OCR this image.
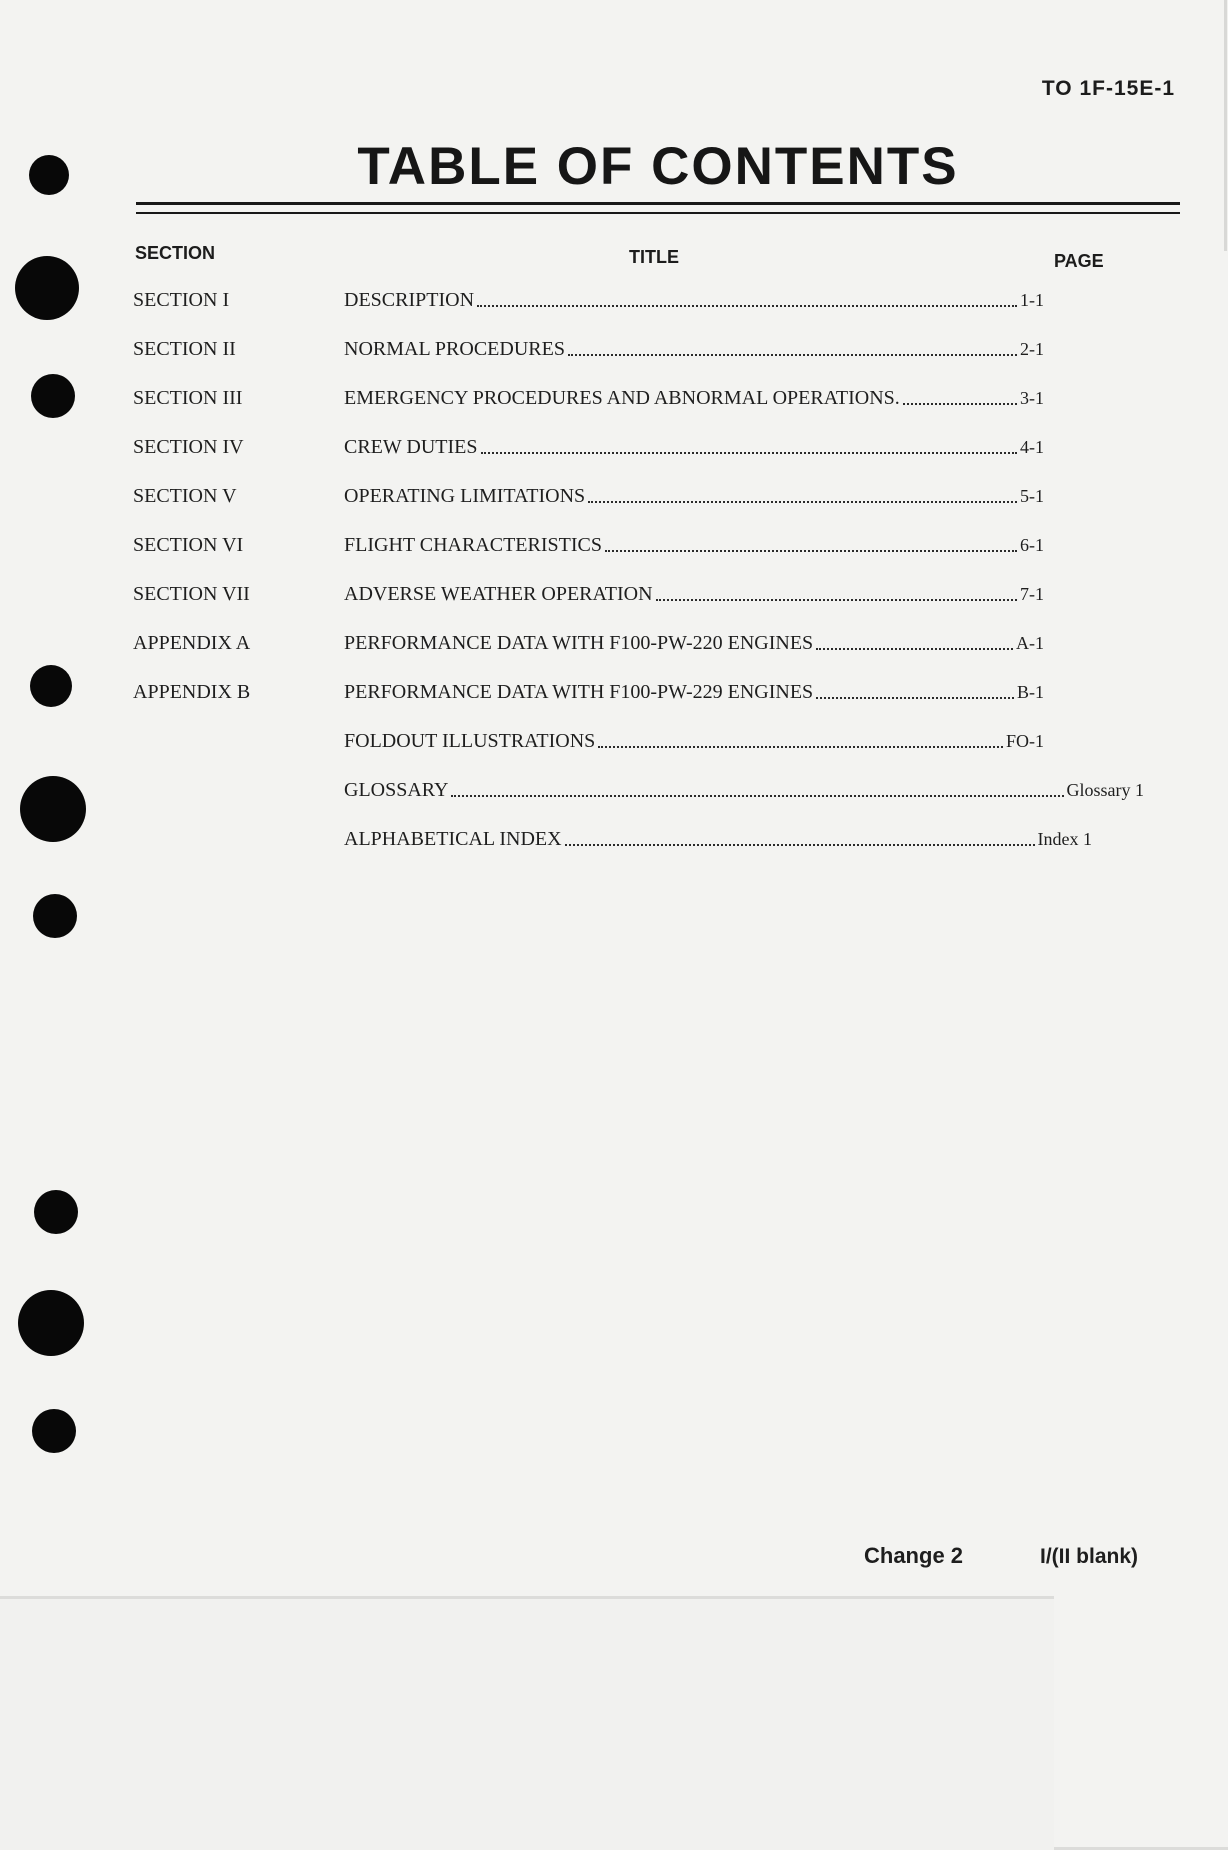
TO 1F-15E-1
TABLE OF CONTENTS
SECTION	TITLE	PAGE
SECTION I	DESCRIPTION	1-1
SECTION II	NORMAL PROCEDURES	2-1
SECTION III	EMERGENCY PROCEDURES AND ABNORMAL OPERATIONS.	3-1
SECTION IV	CREW DUTIES	4-1
SECTION V	OPERATING LIMITATIONS	5-1
SECTION VI	FLIGHT CHARACTERISTICS	6-1
SECTION VII	ADVERSE WEATHER OPERATION	7-1
APPENDIX A	PERFORMANCE DATA WITH F100-PW-220 ENGINES	A-1
APPENDIX B	PERFORMANCE DATA WITH F100-PW-229 ENGINES	B-1
FOLDOUT ILLUSTRATIONS	FO-1
GLOSSARY	Glossary 1
ALPHABETICAL INDEX	Index 1
Change 2	I/(II blank)
